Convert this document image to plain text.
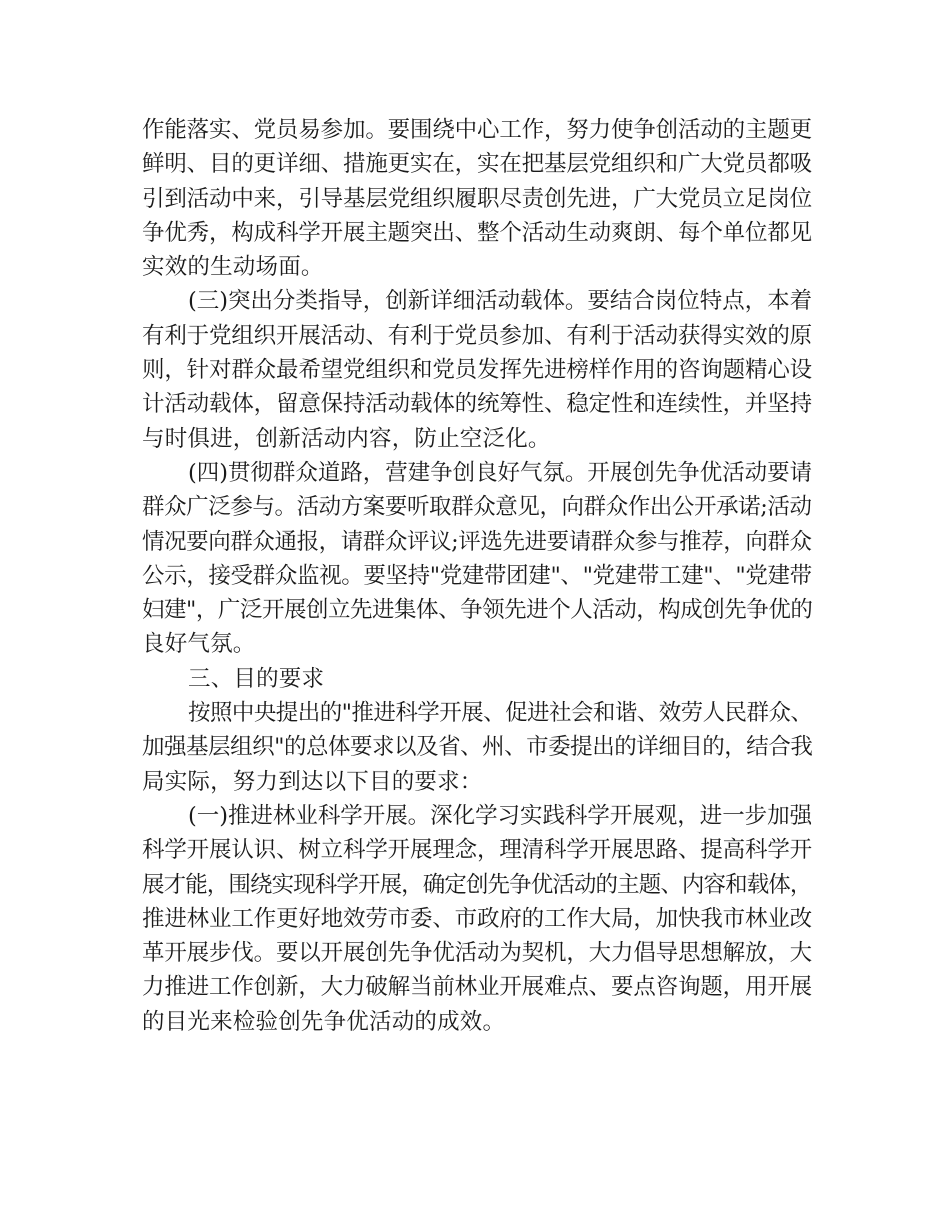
作能落实、党员易参加。要围绕中心工作，努力使争创活动的主题更
鲜明、目的更详细、措施更实在，实在把基层党组织和广大党员都吸
引到活动中来，引导基层党组织履职尽责创先进，广大党员立足岗位
争优秀，构成科学开展主题突出、整个活动生动爽朗、每个单位都见
实效的生动场面。
(三)突出分类指导，创新详细活动载体。要结合岗位特点，本着
有利于党组织开展活动、有利于党员参加、有利于活动获得实效的原
则，针对群众最希望党组织和党员发挥先进榜样作用的咨询题精心设
计活动载体，留意保持活动载体的统筹性、稳定性和连续性，并坚持
与时俱进，创新活动内容，防止空泛化。
(四)贯彻群众道路，营建争创良好气氛。开展创先争优活动要请
群众广泛参与。活动方案要听取群众意见，向群众作出公开承诺;活动
情况要向群众通报，请群众评议;评选先进要请群众参与推荐，向群众
公示，接受群众监视。要坚持"党建带团建"、"党建带工建"、"党建带
妇建"，广泛开展创立先进集体、争领先进个人活动，构成创先争优的
良好气氛。
三、目的要求
按照中央提出的"推进科学开展、促进社会和谐、效劳人民群众、
加强基层组织"的总体要求以及省、州、市委提出的详细目的，结合我
局实际，努力到达以下目的要求：
(一)推进林业科学开展。深化学习实践科学开展观，进一步加强
科学开展认识、树立科学开展理念，理清科学开展思路、提高科学开
展才能，围绕实现科学开展，确定创先争优活动的主题、内容和载体，
推进林业工作更好地效劳市委、市政府的工作大局，加快我市林业改
革开展步伐。要以开展创先争优活动为契机，大力倡导思想解放，大
力推进工作创新，大力破解当前林业开展难点、要点咨询题，用开展
的目光来检验创先争优活动的成效。
